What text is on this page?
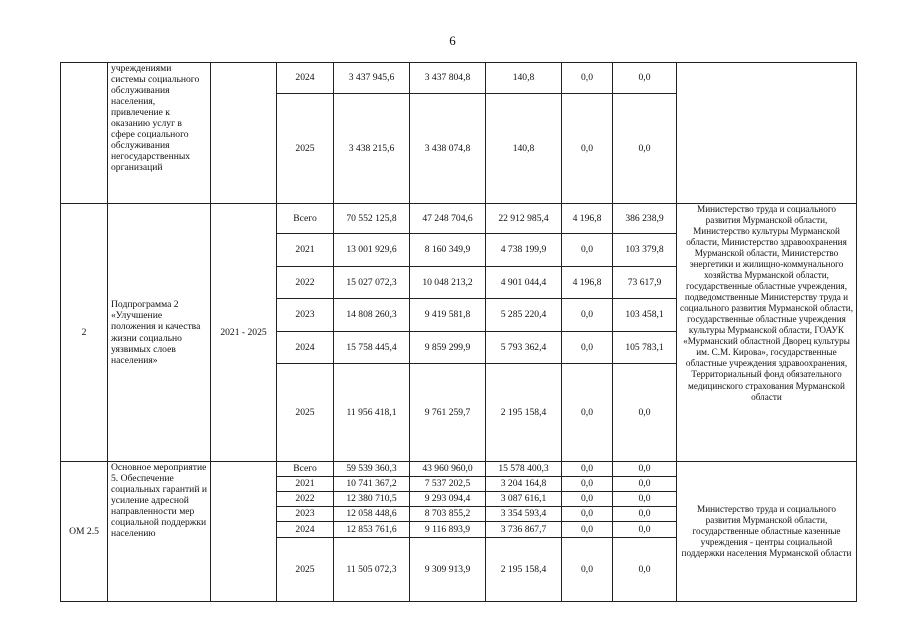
6
	учреждениями системы социального обслуживания населения, привлечение к оказанию услуг в сфере социального обслуживания негосударственных организаций		2024	3 437 945,6	3 437 804,8	140,8	0,0	0,0	
			2025	3 438 215,6	3 438 074,8	140,8	0,0	0,0	
2	Подпрограмма 2 «Улучшение положения и качества жизни социально уязвимых слоев населения»	2021 - 2025	Всего	70 552 125,8	47 248 704,6	22 912 985,4	4 196,8	386 238,9	Министерство труда и социального развития Мурманской области, Министерство культуры Мурманской области, Министерство здравоохранения Мурманской области, Министерство энергетики и жилищно-коммунального хозяйства Мурманской области, государственные областные учреждения, подведомственные Министерству труда и социального развития Мурманской области, государственные областные учреждения культуры Мурманской области, ГОАУК «Мурманский областной Дворец культуры им. С.М. Кирова», государственные областные учреждения здравоохранения, Территориальный фонд обязательного медицинского страхования Мурманской области
			2021	13 001 929,6	8 160 349,9	4 738 199,9	0,0	103 379,8	
			2022	15 027 072,3	10 048 213,2	4 901 044,4	4 196,8	73 617,9	
			2023	14 808 260,3	9 419 581,8	5 285 220,4	0,0	103 458,1	
			2024	15 758 445,4	9 859 299,9	5 793 362,4	0,0	105 783,1	
			2025	11 956 418,1	9 761 259,7	2 195 158,4	0,0	0,0	
ОМ 2.5	Основное мероприятие 5. Обеспечение социальных гарантий и усиление адресной направленности мер социальной поддержки населению		Всего	59 539 360,3	43 960 960,0	15 578 400,3	0,0	0,0	Министерство труда и социального развития Мурманской области, государственные областные казенные учреждения - центры социальной поддержки населения Мурманской области
			2021	10 741 367,2	7 537 202,5	3 204 164,8	0,0	0,0	
			2022	12 380 710,5	9 293 094,4	3 087 616,1	0,0	0,0	
			2023	12 058 448,6	8 703 855,2	3 354 593,4	0,0	0,0	
			2024	12 853 761,6	9 116 893,9	3 736 867,7	0,0	0,0	
			2025	11 505 072,3	9 309 913,9	2 195 158,4	0,0	0,0	
